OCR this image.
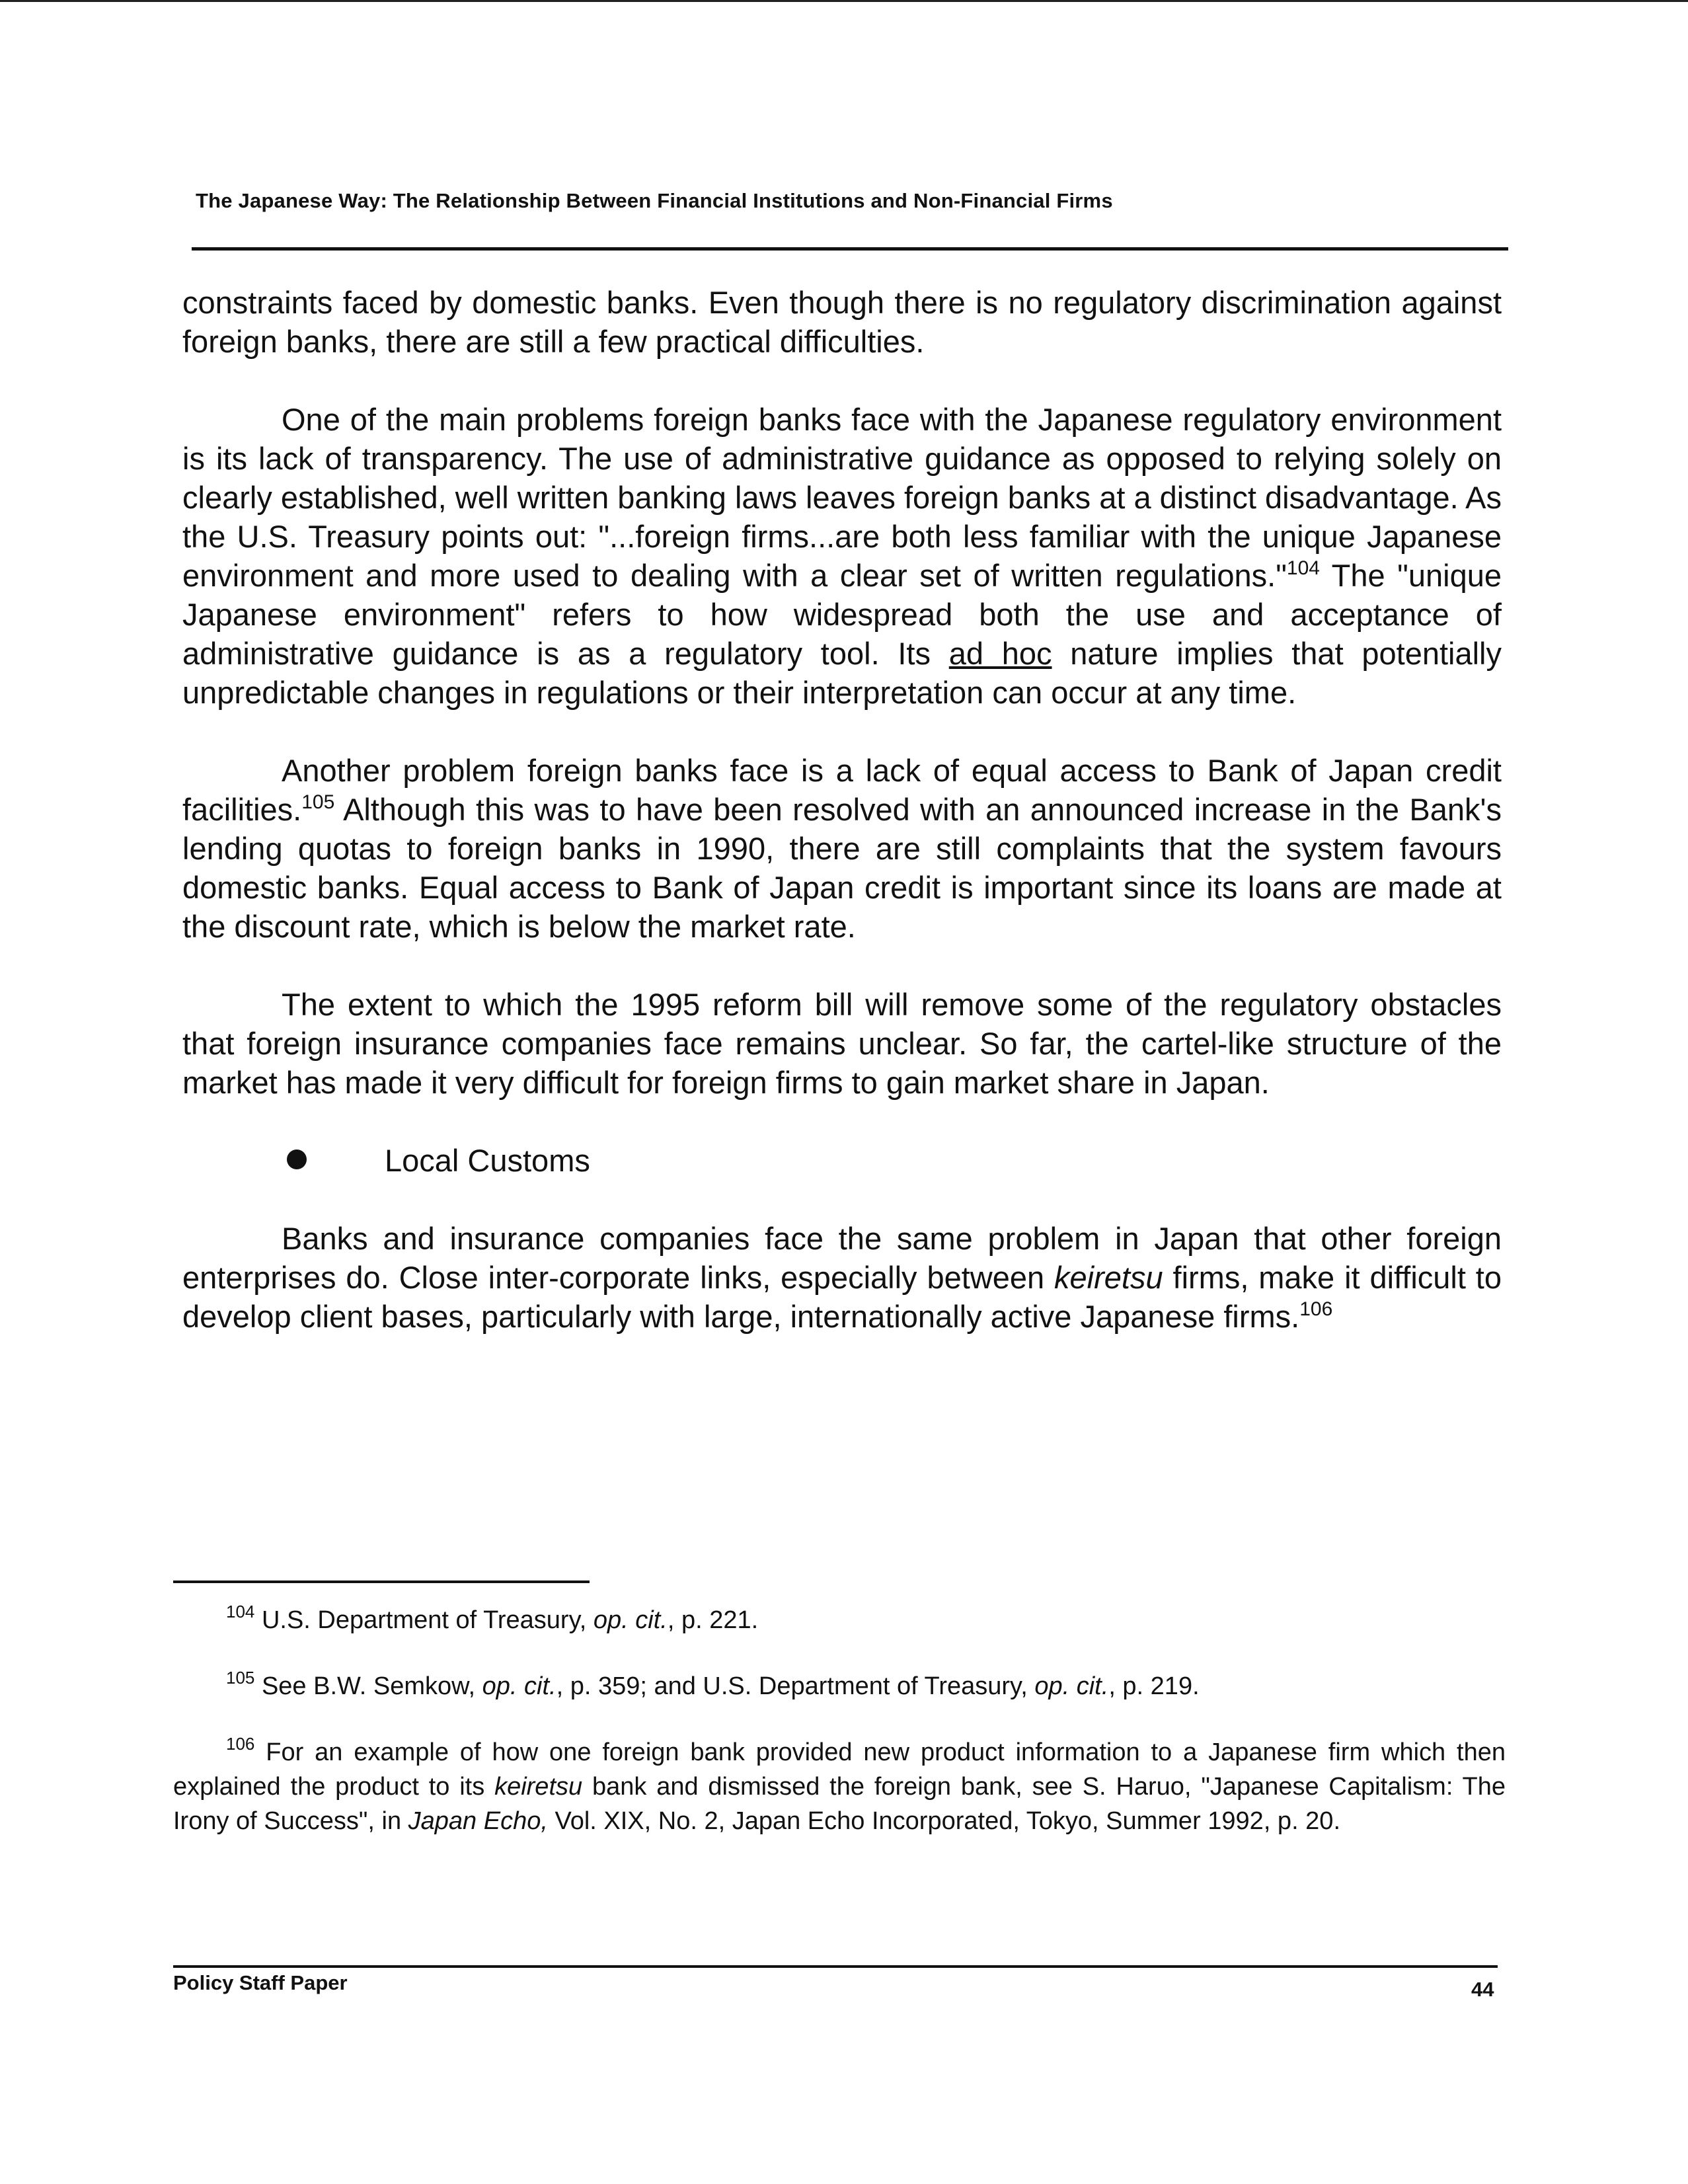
The Japanese Way: The Relationship Between Financial Institutions and Non-Financial Firms

constraints faced by domestic banks. Even though there is no regulatory discrimination against foreign banks, there are still a few practical difficulties.

One of the main problems foreign banks face with the Japanese regulatory environment is its lack of transparency. The use of administrative guidance as opposed to relying solely on clearly established, well written banking laws leaves foreign banks at a distinct disadvantage. As the U.S. Treasury points out: "...foreign firms...are both less familiar with the unique Japanese environment and more used to dealing with a clear set of written regulations."$^{104}$ The "unique Japanese environment" refers to how widespread both the use and acceptance of administrative guidance is as a regulatory tool. Its ad hoc nature implies that potentially unpredictable changes in regulations or their interpretation can occur at any time.

Another problem foreign banks face is a lack of equal access to Bank of Japan credit facilities.$^{105}$ Although this was to have been resolved with an announced increase in the Bank's lending quotas to foreign banks in 1990, there are still complaints that the system favours domestic banks. Equal access to Bank of Japan credit is important since its loans are made at the discount rate, which is below the market rate.

The extent to which the 1995 reform bill will remove some of the regulatory obstacles that foreign insurance companies face remains unclear. So far, the cartel-like structure of the market has made it very difficult for foreign firms to gain market share in Japan.

Local Customs

Banks and insurance companies face the same problem in Japan that other foreign enterprises do. Close inter-corporate links, especially between keiretsu firms, make it difficult to develop client bases, particularly with large, internationally active Japanese firms.$^{106}$

$^{104}$ U.S. Department of Treasury, op. cit., p. 221.

$^{105}$ See B.W. Semkow, op. cit., p. 359; and U.S. Department of Treasury, op. cit., p. 219.

$^{106}$ For an example of how one foreign bank provided new product information to a Japanese firm which then explained the product to its keiretsu bank and dismissed the foreign bank, see S. Haruo, "Japanese Capitalism: The Irony of Success", in Japan Echo, Vol. XIX, No. 2, Japan Echo Incorporated, Tokyo, Summer 1992, p. 20.

Policy Staff Paper	44
